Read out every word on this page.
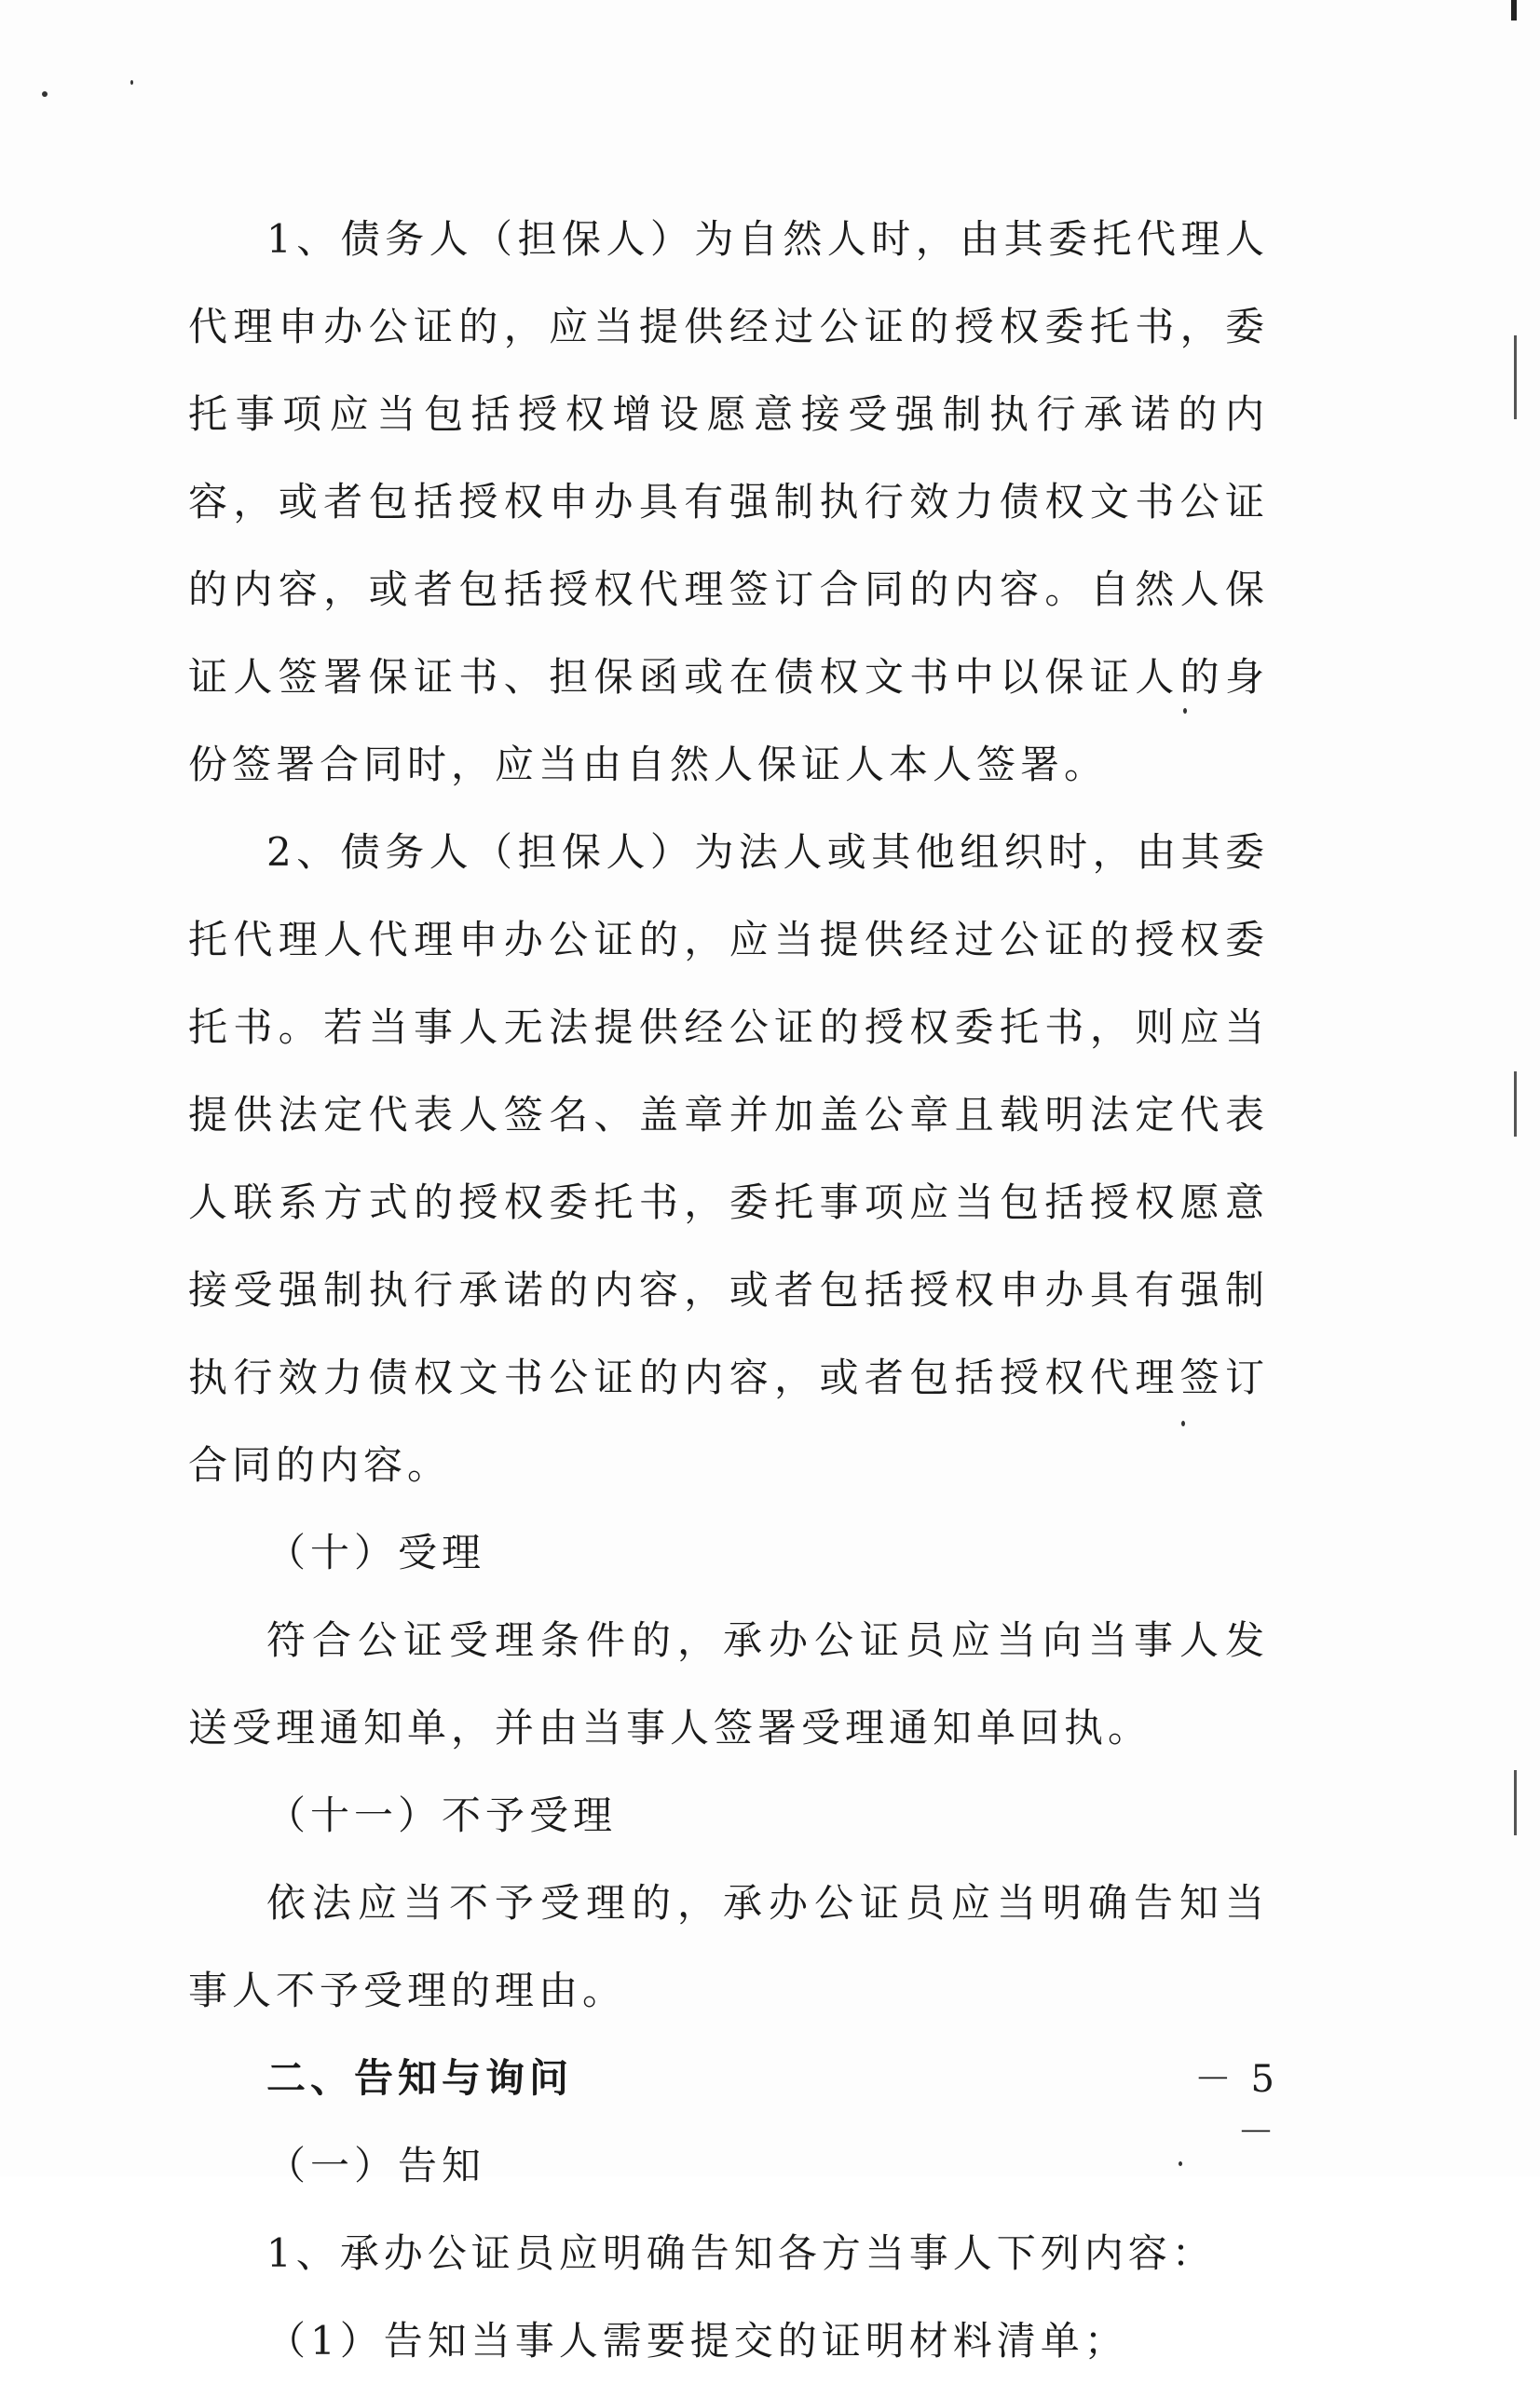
1、债务人（担保人）为自然人时，由其委托代理人代理申办公证的，应当提供经过公证的授权委托书，委托事项应当包括授权增设愿意接受强制执行承诺的内容，或者包括授权申办具有强制执行效力债权文书公证的内容，或者包括授权代理签订合同的内容。自然人保证人签署保证书、担保函或在债权文书中以保证人的身份签署合同时，应当由自然人保证人本人签署。

2、债务人（担保人）为法人或其他组织时，由其委托代理人代理申办公证的，应当提供经过公证的授权委托书。若当事人无法提供经公证的授权委托书，则应当提供法定代表人签名、盖章并加盖公章且载明法定代表人联系方式的授权委托书，委托事项应当包括授权愿意接受强制执行承诺的内容，或者包括授权申办具有强制执行效力债权文书公证的内容，或者包括授权代理签订合同的内容。

（十）受理

符合公证受理条件的，承办公证员应当向当事人发送受理通知单，并由当事人签署受理通知单回执。

（十一）不予受理

依法应当不予受理的，承办公证员应当明确告知当事人不予受理的理由。

二、告知与询问

（一）告知

1、承办公证员应明确告知各方当事人下列内容：

（1）告知当事人需要提交的证明材料清单；

－ 5 －
